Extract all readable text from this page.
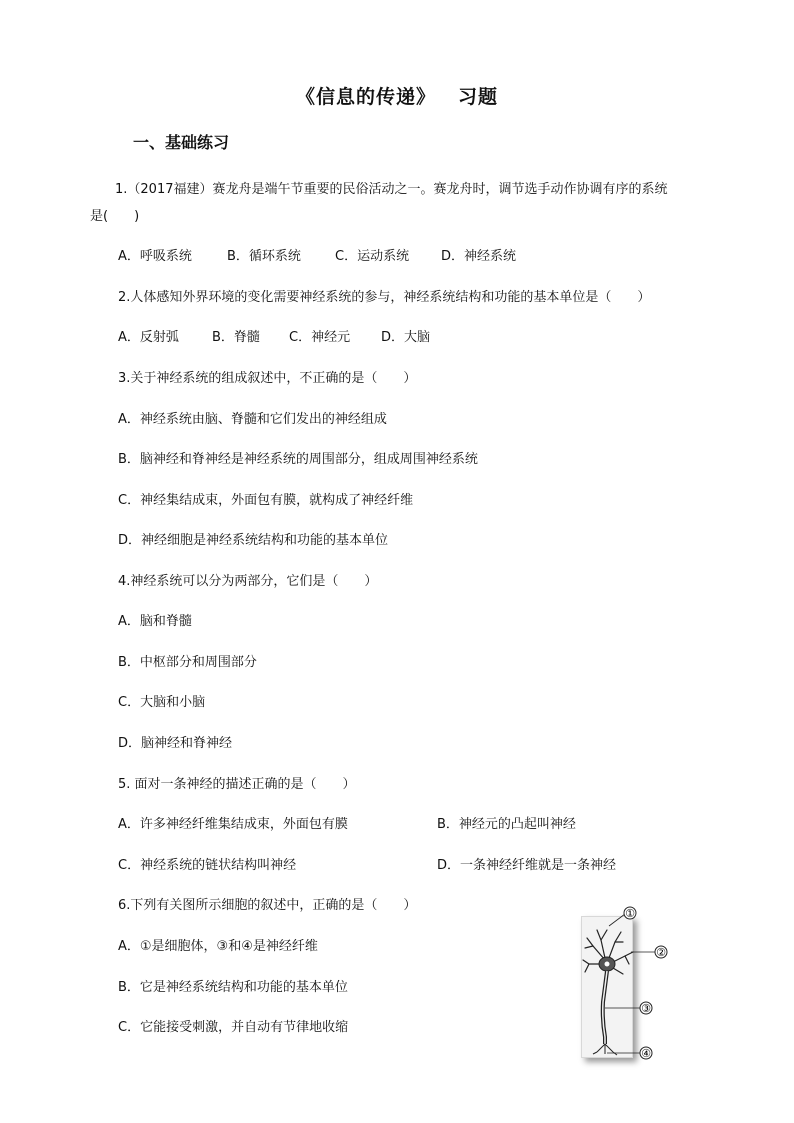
《信息的传递》 习题
一、基础练习
1.（2017福建）赛龙舟是端午节重要的民俗活动之一。赛龙舟时，调节选手动作协调有序的系统
是(　　)
A．呼吸系统	B．循环系统	C．运动系统 D．神经系统
2.人体感知外界环境的变化需要神经系统的参与，神经系统结构和功能的基本单位是（　　）
A．反射弧	B．脊髓 C．神经元 D．大脑
3.关于神经系统的组成叙述中，不正确的是（　　）
A．神经系统由脑、脊髓和它们发出的神经组成
B．脑神经和脊神经是神经系统的周围部分，组成周围神经系统
C．神经集结成束，外面包有膜，就构成了神经纤维
D．神经细胞是神经系统结构和功能的基本单位
4.神经系统可以分为两部分，它们是（　　）
A．脑和脊髓
B．中枢部分和周围部分
C．大脑和小脑
D．脑神经和脊神经
5. 面对一条神经的描述正确的是（　　）
A．许多神经纤维集结成束，外面包有膜	B．神经元的凸起叫神经
C．神经系统的链状结构叫神经	D．一条神经纤维就是一条神经
6.下列有关图所示细胞的叙述中，正确的是（　　）
A．①是细胞体，③和④是神经纤维
B．它是神经系统结构和功能的基本单位
C．它能接受刺激，并自动有节律地收缩
①
②
③
④
